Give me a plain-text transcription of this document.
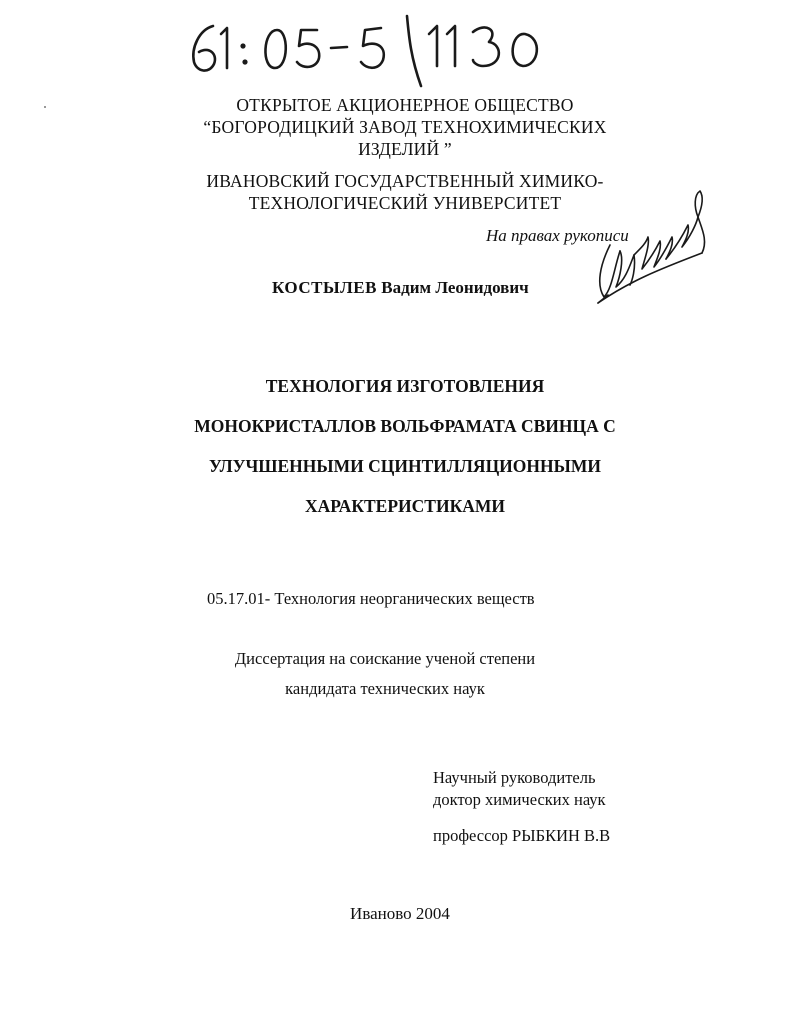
ОТКРЫТОЕ АКЦИОНЕРНОЕ ОБЩЕСТВО
“БОГОРОДИЦКИЙ ЗАВОД ТЕХНОХИМИЧЕСКИХ
ИЗДЕЛИЙ ”
ИВАНОВСКИЙ ГОСУДАРСТВЕННЫЙ ХИМИКО-
ТЕХНОЛОГИЧЕСКИЙ УНИВЕРСИТЕТ
На правах рукописи
КОСТЫЛЕВ Вадим Леонидович
ТЕХНОЛОГИЯ ИЗГОТОВЛЕНИЯ
МОНОКРИСТАЛЛОВ ВОЛЬФРАМАТА СВИНЦА С
УЛУЧШЕННЫМИ СЦИНТИЛЛЯЦИОННЫМИ
ХАРАКТЕРИСТИКАМИ
05.17.01- Технология неорганических веществ
Диссертация на соискание ученой степени
кандидата технических наук
Научный руководитель
доктор химических наук
профессор РЫБКИН В.В
Иваново 2004
